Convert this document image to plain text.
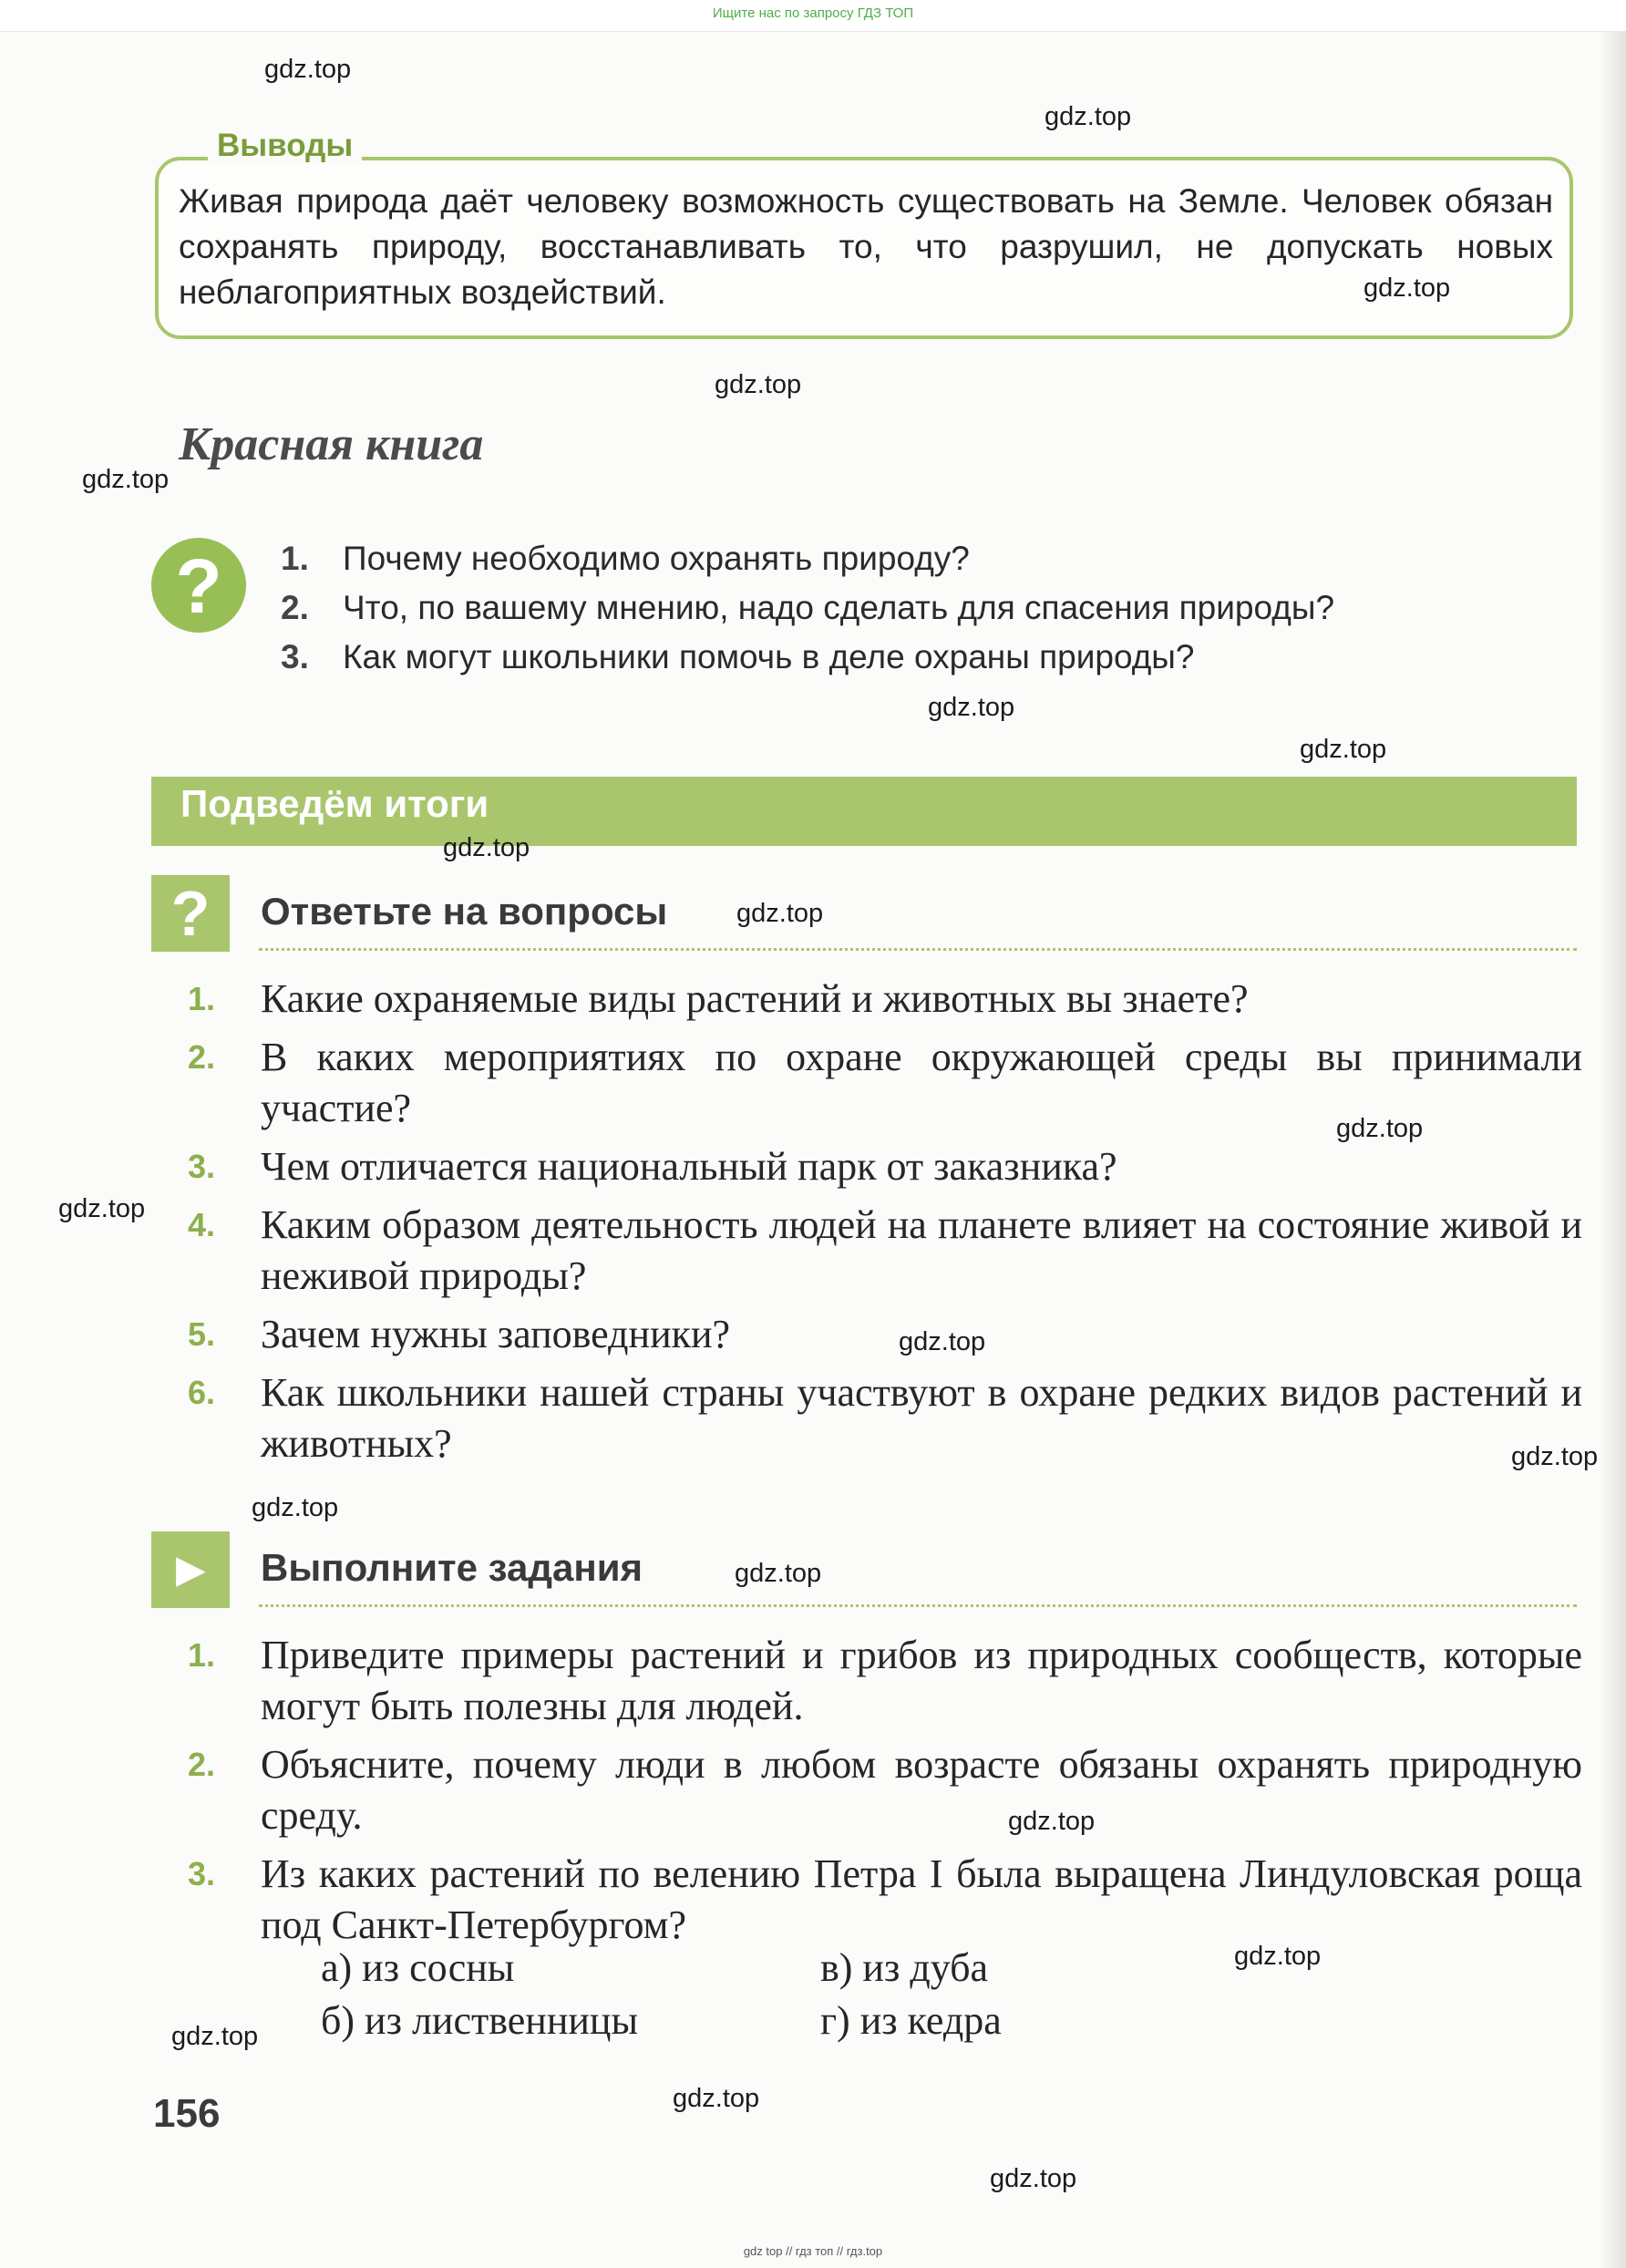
Ищите нас по запросу ГДЗ ТОП

Выводы
Живая природа даёт человеку возможность существовать на Земле. Человек обязан сохранять природу, восстанавливать то, что разрушил, не допускать новых неблагоприятных воздействий.
Красная книга
?	1. Почему необходимо охранять природу?
2. Что, по вашему мнению, надо сделать для спасения природы?
3. Как могут школьники помочь в деле охраны природы?
Подведём итоги
?	Ответьте на вопросы
1. Какие охраняемые виды растений и животных вы знаете?
2. В каких мероприятиях по охране окружающей среды вы принимали участие?
3. Чем отличается национальный парк от заказника?
4. Каким образом деятельность людей на планете влияет на состояние живой и неживой природы?
5. Зачем нужны заповедники?
6. Как школьники нашей страны участвуют в охране редких видов растений и животных?
▶	Выполните задания
1. Приведите примеры растений и грибов из природных сообществ, которые могут быть полезны для людей.
2. Объясните, почему люди в любом возрасте обязаны охранять природную среду.
3. Из каких растений по велению Петра I была выращена Линдуловская роща под Санкт-Петербургом?
а) из сосны	в) из дуба
б) из лиственницы	г) из кедра
156
gdz.top
gdz.top
gdz.top
gdz.top
gdz.top
gdz.top
gdz.top
gdz.top
gdz.top
gdz.top
gdz.top
gdz.top
gdz.top
gdz.top
gdz.top
gdz.top
gdz.top
gdz.top
gdz.top
gdz.top
gdz top // гдз топ // гдз.top
